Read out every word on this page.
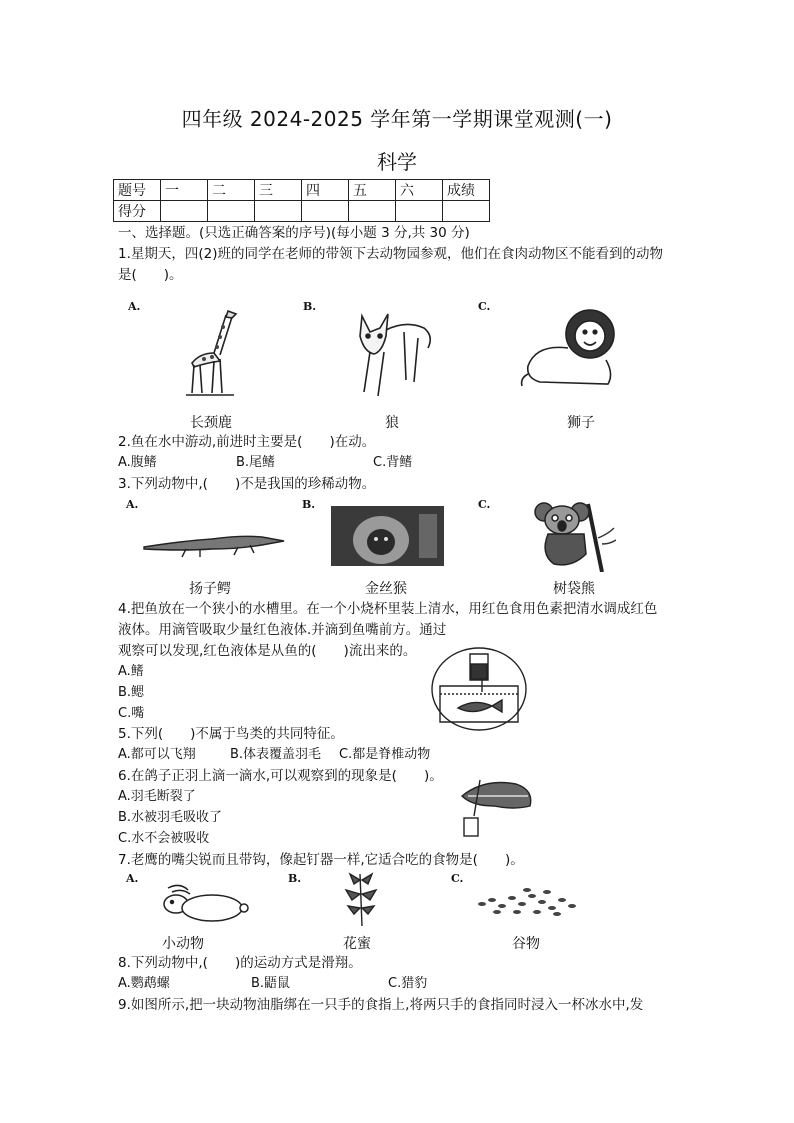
四年级 2024-2025 学年第一学期课堂观测(一)
科学
题号	一	二	三	四	五	六	成绩
得分							
一、选择题。(只选正确答案的序号)(每小题 3 分,共 30 分)
1.星期天，四(2)班的同学在老师的带领下去动物园参观，他们在食肉动物区不能看到的动物
是(　　)。
A.	B.	C.
长颈鹿	狼	狮子
2.鱼在水中游动,前进时主要是(　　)在动。
A.腹鳍	B.尾鳍	C.背鳍
3.下列动物中,(　　)不是我国的珍稀动物。
A.	B.	C.
扬子鳄	金丝猴	树袋熊
4.把鱼放在一个狭小的水槽里。在一个小烧杯里装上清水，用红色食用色素把清水调成红色
液体。用滴管吸取少量红色液体.并滴到鱼嘴前方。通过
观察可以发现,红色液体是从鱼的(　　)流出来的。
A.鳍
B.鳃
C.嘴
5.下列(　　)不属于鸟类的共同特征。
A.都可以飞翔	B.体表覆盖羽毛 C.都是脊椎动物
6.在鸽子正羽上滴一滴水,可以观察到的现象是(　　)。
A.羽毛断裂了
B.水被羽毛吸收了
C.水不会被吸收
7.老鹰的嘴尖锐而且带钩，像起钉器一样,它适合吃的食物是(　　)。
A.	B.	C.
小动物	花蜜	谷物
8.下列动物中,(　　)的运动方式是滑翔。
A.鹦鹉螺	B.鼯鼠	C.猎豹
9.如图所示,把一块动物油脂绑在一只手的食指上,将两只手的食指同时浸入一杯冰水中,发
